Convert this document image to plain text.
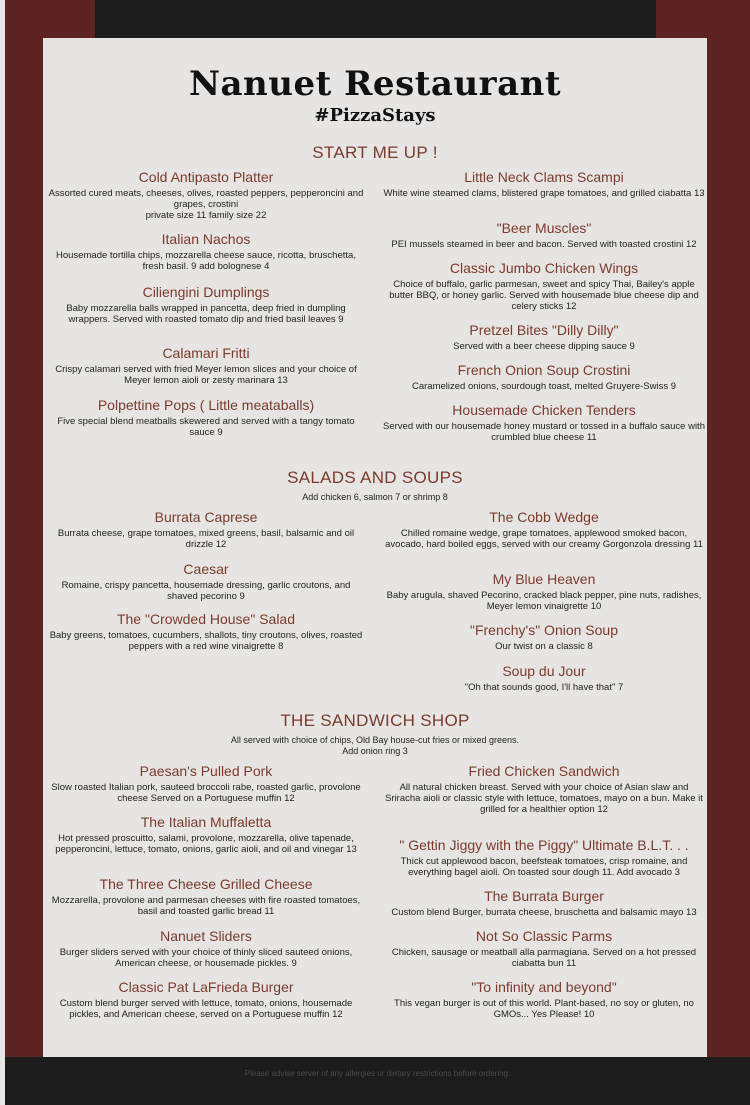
Nanuet Restaurant
#PizzaStays
START ME UP !
Cold Antipasto Platter
Assorted cured meats, cheeses, olives, roasted peppers, pepperoncini and grapes, crostini
private size 11 family size 22
Italian Nachos
Housemade tortilla chips, mozzarella cheese sauce, ricotta, bruschetta, fresh basil. 9 add bolognese 4
Ciliengini Dumplings
Baby mozzarella balls wrapped in pancetta, deep fried in dumpling wrappers. Served with roasted tomato dip and fried basil leaves 9
Calamari Fritti
Crispy calamari served with fried Meyer lemon slices and your choice of Meyer lemon aioli or zesty marinara 13
Polpettine Pops ( Little meataballs)
Five special blend meatballs skewered and served with a tangy tomato sauce 9
Little Neck Clams Scampi
White wine steamed clams, blistered grape tomatoes, and grilled ciabatta 13
"Beer Muscles"
PEI mussels steamed in beer and bacon. Served with toasted crostini 12
Classic Jumbo Chicken Wings
Choice of buffalo, garlic parmesan, sweet and spicy Thai, Bailey's apple butter BBQ, or honey garlic. Served with housemade blue cheese dip and celery sticks 12
Pretzel Bites "Dilly Dilly"
Served with a beer cheese dipping sauce 9
French Onion Soup Crostini
Caramelized onions, sourdough toast, melted Gruyere-Swiss 9
Housemade Chicken Tenders
Served with our housemade honey mustard or tossed in a buffalo sauce with crumbled blue cheese 11
SALADS AND SOUPS
Add chicken 6, salmon 7 or shrimp 8
Burrata Caprese
Burrata cheese, grape tomatoes, mixed greens, basil, balsamic and oil drizzle 12
Caesar
Romaine, crispy pancetta, housemade dressing, garlic croutons, and shaved pecorino 9
The "Crowded House" Salad
Baby greens, tomatoes, cucumbers, shallots, tiny croutons, olives, roasted peppers with a red wine vinaigrette 8
The Cobb Wedge
Chilled romaine wedge, grape tomatoes, applewood smoked bacon, avocado, hard boiled eggs, served with our creamy Gorgonzola dressing 11
My Blue Heaven
Baby arugula, shaved Pecorino, cracked black pepper, pine nuts, radishes, Meyer lemon vinaigrette 10
"Frenchy's" Onion Soup
Our twist on a classic 8
Soup du Jour
"Oh that sounds good, I'll have that" 7
THE SANDWICH SHOP
All served with choice of chips, Old Bay house-cut fries or mixed greens.
Add onion ring 3
Paesan's Pulled Pork
Slow roasted Italian pork, sauteed broccoli rabe, roasted garlic, provolone cheese Served on a Portuguese muffin 12
The Italian Muffaletta
Hot pressed proscuitto, salami, provolone, mozzarella, olive tapenade, pepperoncini, lettuce, tomato, onions, garlic aioli, and oil and vinegar 13
The Three Cheese Grilled Cheese
Mozzarella, provolone and parmesan cheeses with fire roasted tomatoes, basil and toasted garlic bread 11
Nanuet Sliders
Burger sliders served with your choice of thinly sliced sauteed onions, American cheese, or housemade pickles. 9
Classic Pat LaFrieda Burger
Custom blend burger served with lettuce, tomato, onions, housemade pickles, and American cheese, served on a Portuguese muffin 12
Fried Chicken Sandwich
All natural chicken breast. Served with your choice of Asian slaw and Sriracha aioli or classic style with lettuce, tomatoes, mayo on a bun. Make it grilled for a healthier option 12
" Gettin Jiggy with the Piggy" Ultimate B.L.T. . .
Thick cut applewood bacon, beefsteak tomatoes, crisp romaine, and everything bagel aioli. On toasted sour dough 11. Add avocado 3
The Burrata Burger
Custom blend Burger, burrata cheese, bruschetta and balsamic mayo 13
Not So Classic Parms
Chicken, sausage or meatball alla parmagiana. Served on a hot pressed ciabatta bun 11
"To infinity and beyond"
This vegan burger is out of this world. Plant-based, no soy or gluten, no GMOs... Yes Please! 10
Please advise server of any allergies or dietary restrictions before ordering.
